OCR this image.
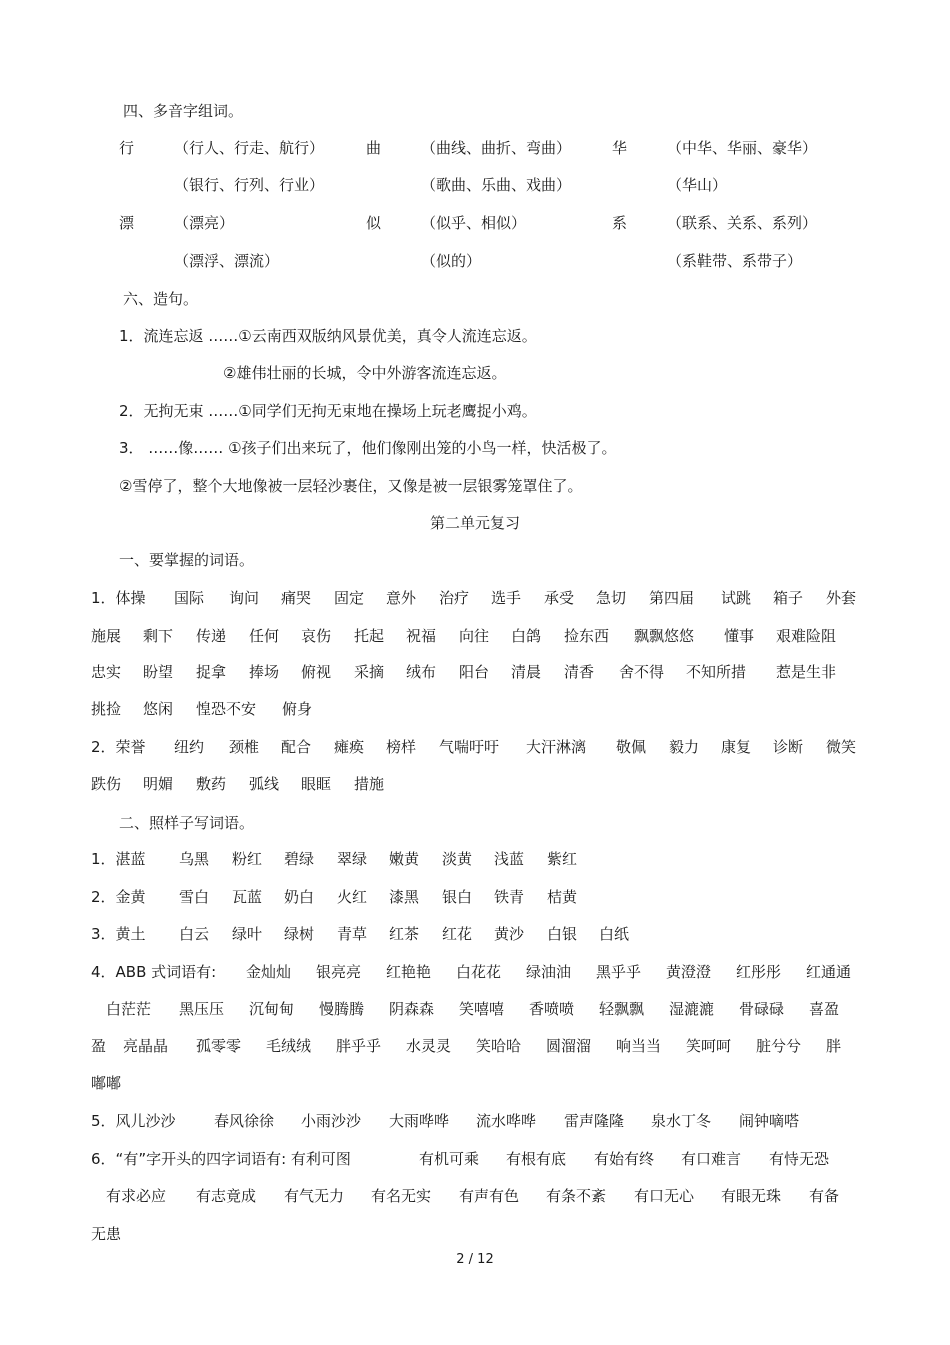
四、多音字组词。
行	（行人、行走、航行）	曲	（曲线、曲折、弯曲）	华	（中华、华丽、豪华）
（银行、行列、行业）	（歌曲、乐曲、戏曲）	（华山）
漂	（漂亮）	似	（似乎、相似）	系	（联系、关系、系列）
（漂浮、漂流）	（似的）	（系鞋带、系带子）
六、造句。
1．流连忘返 ……①云南西双版纳风景优美，真令人流连忘返。
②雄伟壮丽的长城，令中外游客流连忘返。
2．无拘无束 ……①同学们无拘无束地在操场上玩老鹰捉小鸡。
3． ……像…… ①孩子们出来玩了，他们像刚出笼的小鸟一样，快活极了。
②雪停了，整个大地像被一层轻沙裹住，又像是被一层银雾笼罩住了。
第二单元复习
一、要掌握的词语。
1．体操 国际 询问 痛哭 固定 意外 治疗 选手 承受 急切 第四届 试跳 箱子 外套
施展 剩下 传递 任何 哀伤 托起 祝福 向往 白鸽 捡东西 飘飘悠悠 懂事 艰难险阻
忠实 盼望 捉拿 捧场 俯视 采摘 绒布 阳台 清晨 清香 舍不得 不知所措 惹是生非
挑捡 悠闲 惶恐不安 俯身
2．荣誉 纽约 颈椎 配合 瘫痪 榜样 气喘吁吁 大汗淋漓 敬佩 毅力 康复 诊断 微笑
跌伤 明媚 敷药 弧线 眼眶 措施
二、照样子写词语。
1．湛蓝 乌黑 粉红 碧绿 翠绿 嫩黄 淡黄 浅蓝 紫红
2．金黄 雪白 瓦蓝 奶白 火红 漆黑 银白 铁青 桔黄
3．黄土 白云 绿叶 绿树 青草 红茶 红花 黄沙 白银 白纸
4．ABB 式词语有: 金灿灿 银亮亮 红艳艳 白花花 绿油油 黑乎乎 黄澄澄 红彤彤 红通通
白茫茫 黑压压 沉甸甸 慢腾腾 阴森森 笑嘻嘻 香喷喷 轻飘飘 湿漉漉 骨碌碌 喜盈
盈 亮晶晶 孤零零 毛绒绒 胖乎乎 水灵灵 笑哈哈 圆溜溜 响当当 笑呵呵 脏兮兮 胖
嘟嘟
5．风儿沙沙	春风徐徐 小雨沙沙 大雨哗哗 流水哗哗 雷声隆隆 泉水丁冬 闹钟嘀嗒
6．“有”字开头的四字词语有: 有利可图	有机可乘 有根有底 有始有终 有口难言 有恃无恐
有求必应 有志竟成 有气无力 有名无实 有声有色 有条不紊 有口无心 有眼无珠 有备
无患
2 / 12
